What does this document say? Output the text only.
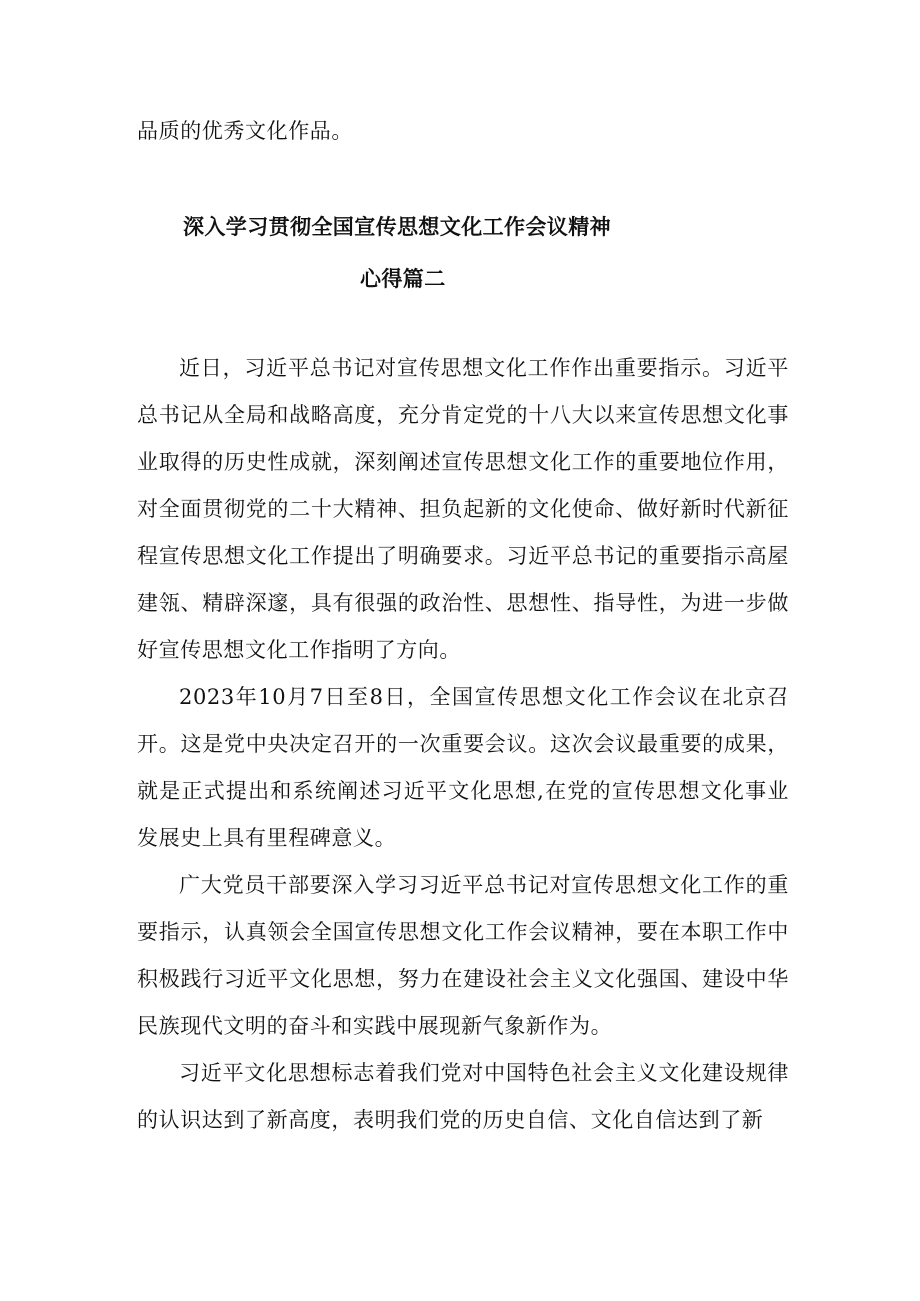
品质的优秀文化作品。

深入学习贯彻全国宣传思想文化工作会议精神
心得篇二

近日，习近平总书记对宣传思想文化工作作出重要指示。习近平总书记从全局和战略高度，充分肯定党的十八大以来宣传思想文化事业取得的历史性成就，深刻阐述宣传思想文化工作的重要地位作用，对全面贯彻党的二十大精神、担负起新的文化使命、做好新时代新征程宣传思想文化工作提出了明确要求。习近平总书记的重要指示高屋建瓴、精辟深邃，具有很强的政治性、思想性、指导性，为进一步做好宣传思想文化工作指明了方向。

2023年10月7日至8日，全国宣传思想文化工作会议在北京召开。这是党中央决定召开的一次重要会议。这次会议最重要的成果，就是正式提出和系统阐述习近平文化思想,在党的宣传思想文化事业发展史上具有里程碑意义。

广大党员干部要深入学习习近平总书记对宣传思想文化工作的重要指示，认真领会全国宣传思想文化工作会议精神，要在本职工作中积极践行习近平文化思想，努力在建设社会主义文化强国、建设中华民族现代文明的奋斗和实践中展现新气象新作为。

习近平文化思想标志着我们党对中国特色社会主义文化建设规律的认识达到了新高度，表明我们党的历史自信、文化自信达到了新
